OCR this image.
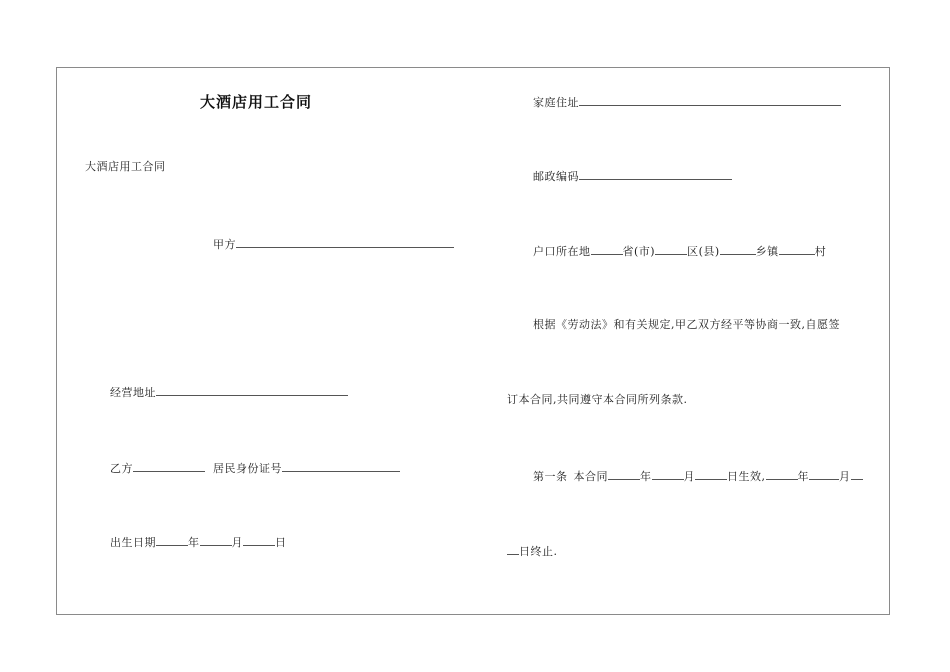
大酒店用工合同
大酒店用工合同
甲方
经营地址
乙方	居民身份证号
出生日期	年	月	日
家庭住址
邮政编码
户口所在地	省(市)	区(县)	乡镇	村
根据《劳动法》和有关规定,甲乙双方经平等协商一致,自愿签
订本合同,共同遵守本合同所列条款.
第一条 本合同	年	月	日生效,	年	月
日终止.
